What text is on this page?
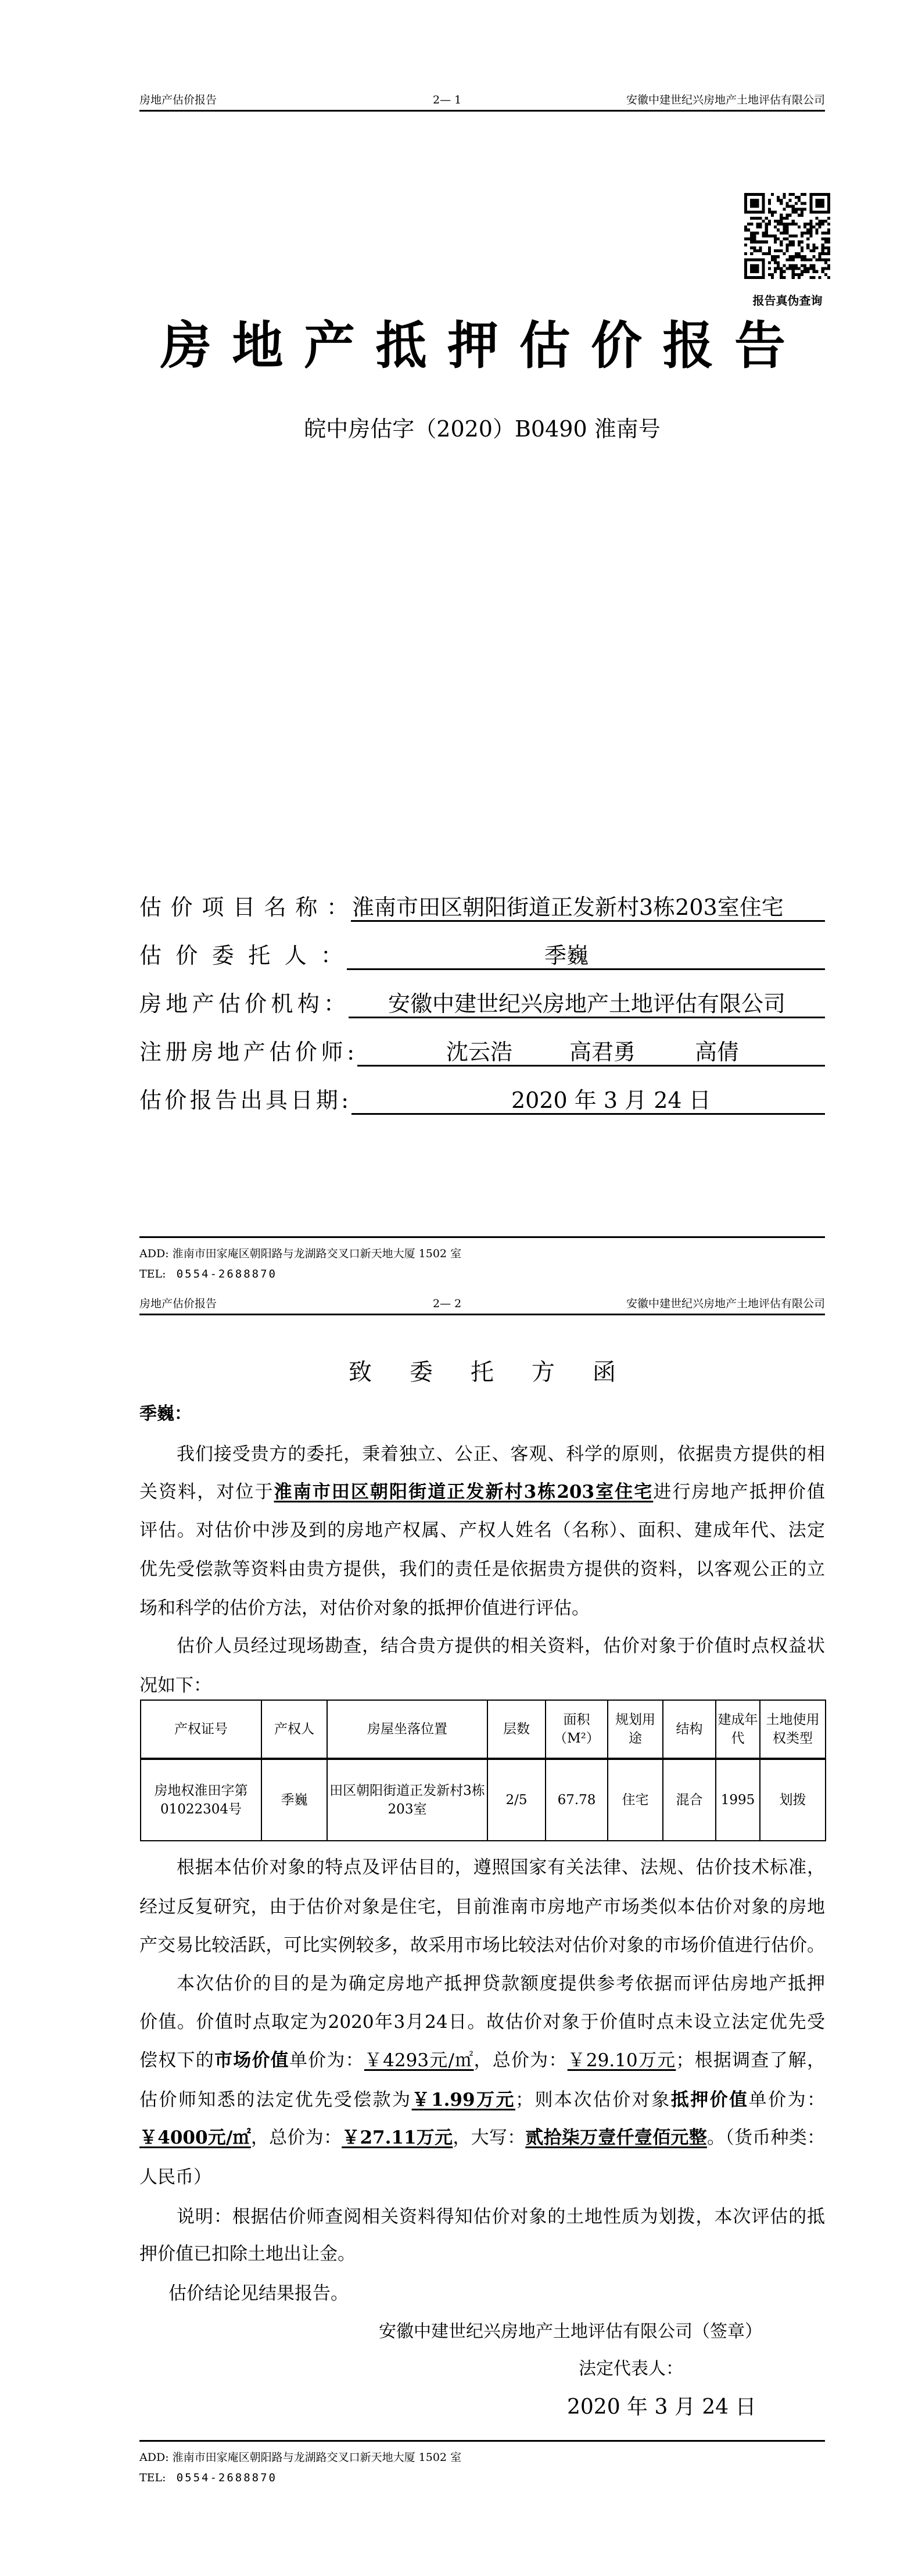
房地产估价报告	2— 1	安徽中建世纪兴房地产土地评估有限公司
报告真伪查询
房地产抵押估价报告
皖中房估字（2020）B0490 淮南号
估价项目名称： 淮南市田区朝阳街道正发新村3栋203室住宅
估价委托人：	季巍
房地产估价机构： 安徽中建世纪兴房地产土地评估有限公司
注册房地产估价师:	沈云浩	高君勇	高倩
估价报告出具日期:	2020 年 3 月 24 日
ADD: 淮南市田家庵区朝阳路与龙湖路交叉口新天地大厦 1502 室
TEL: 0554-2688870
房地产估价报告	2— 2	安徽中建世纪兴房地产土地评估有限公司
致 委 托 方 函
季巍：
我们接受贵方的委托，秉着独立、公正、客观、科学的原则，依据贵方提供的相
关资料，对位于淮南市田区朝阳街道正发新村3栋203室住宅进行房地产抵押价值
评估。对估价中涉及到的房地产权属、产权人姓名（名称）、面积、建成年代、法定
优先受偿款等资料由贵方提供，我们的责任是依据贵方提供的资料，以客观公正的立
场和科学的估价方法，对估价对象的抵押价值进行评估。
估价人员经过现场勘查，结合贵方提供的相关资料，估价对象于价值时点权益状
况如下：
根据本估价对象的特点及评估目的，遵照国家有关法律、法规、估价技术标准，
经过反复研究，由于估价对象是住宅，目前淮南市房地产市场类似本估价对象的房地
产交易比较活跃，可比实例较多，故采用市场比较法对估价对象的市场价值进行估价。
本次估价的目的是为确定房地产抵押贷款额度提供参考依据而评估房地产抵押
价值。价值时点取定为2020年3月24日。故估价对象于价值时点未设立法定优先受
偿权下的市场价值单价为：￥4293元/㎡，总价为：￥29.10万元；根据调查了解，
估价师知悉的法定优先受偿款为￥1.99万元；则本次估价对象抵押价值单价为：
￥4000元/㎡，总价为：￥27.11万元，大写：贰拾柒万壹仟壹佰元整。（货币种类：
人民币）
说明：根据估价师查阅相关资料得知估价对象的土地性质为划拨，本次评估的抵
押价值已扣除土地出让金。
估价结论见结果报告。
产权证号	产权人	房屋坐落位置	层数	面积（M²）	规划用途	结构	建成年代	土地使用权类型
房地权淮田字第01022304号	季巍	田区朝阳街道正发新村3栋203室	2/5	67.78	住宅	混合	1995	划拨
安徽中建世纪兴房地产土地评估有限公司（签章）
法定代表人：
2020 年 3 月 24 日
ADD: 淮南市田家庵区朝阳路与龙湖路交叉口新天地大厦 1502 室
TEL: 0554-2688870
